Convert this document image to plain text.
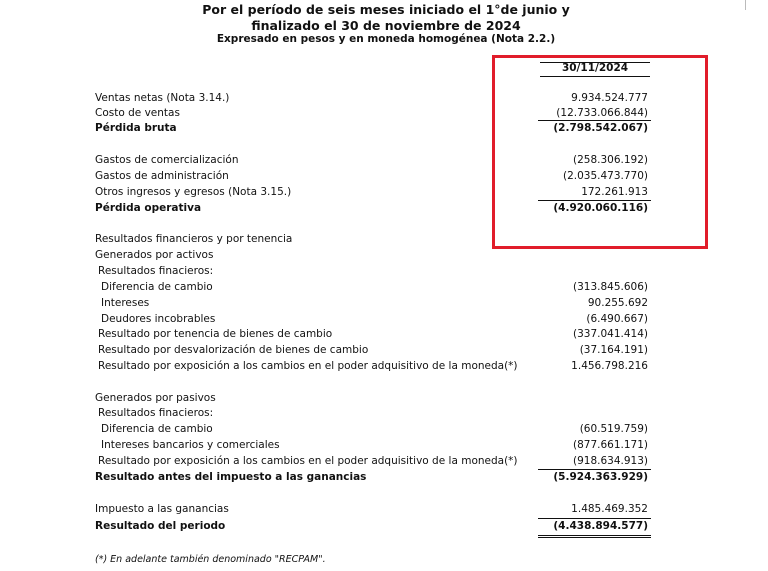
Por el período de seis meses iniciado el 1°de junio y
finalizado el 30 de noviembre de 2024
Expresado en pesos y en moneda homogénea (Nota 2.2.)
30/11/2024
Ventas netas (Nota 3.14.)	9.934.524.777
Costo de ventas	(12.733.066.844)
Pérdida bruta	(2.798.542.067)
Gastos de comercialización	(258.306.192)
Gastos de administración	(2.035.473.770)
Otros ingresos y egresos (Nota 3.15.)	172.261.913
Pérdida operativa	(4.920.060.116)
Resultados financieros y por tenencia
Generados por activos
Resultados finacieros:
Diferencia de cambio	(313.845.606)
Intereses	90.255.692
Deudores incobrables	(6.490.667)
Resultado por tenencia de bienes de cambio	(337.041.414)
Resultado por desvalorización de bienes de cambio	(37.164.191)
Resultado por exposición a los cambios en el poder adquisitivo de la moneda(*)	1.456.798.216
Generados por pasivos
Resultados finacieros:
Diferencia de cambio	(60.519.759)
Intereses bancarios y comerciales	(877.661.171)
Resultado por exposición a los cambios en el poder adquisitivo de la moneda(*)	(918.634.913)
Resultado antes del impuesto a las ganancias	(5.924.363.929)
Impuesto a las ganancias	1.485.469.352
Resultado del periodo	(4.438.894.577)
(*) En adelante también denominado "RECPAM".
